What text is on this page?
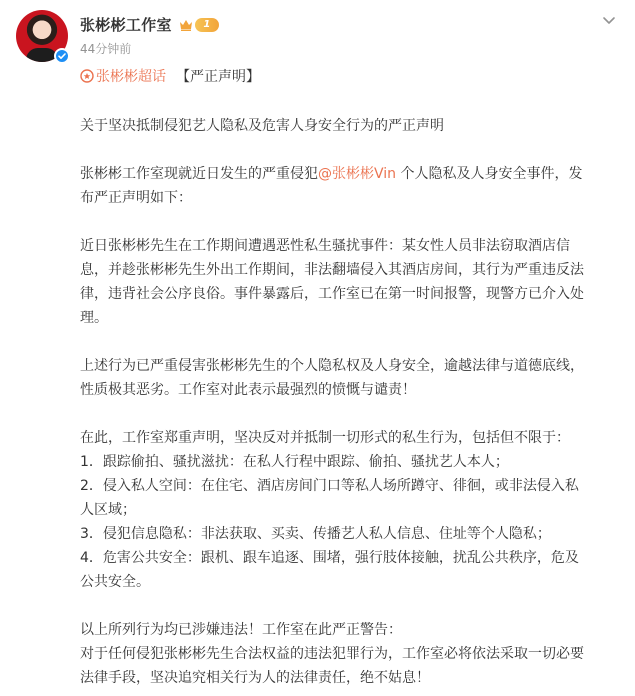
张彬彬工作室	1
44分钟前
张彬彬超话 【严正声明】

关于坚决抵制侵犯艺人隐私及危害人身安全行为的严正声明

张彬彬工作室现就近日发生的严重侵犯@张彬彬Vin 个人隐私及人身安全事件，发

布严正声明如下：

近日张彬彬先生在工作期间遭遇恶性私生骚扰事件：某女性人员非法窃取酒店信

息，并趁张彬彬先生外出工作期间，非法翻墙侵入其酒店房间，其行为严重违反法

律，违背社会公序良俗。事件暴露后，工作室已在第一时间报警，现警方已介入处

理。

上述行为已严重侵害张彬彬先生的个人隐私权及人身安全，逾越法律与道德底线，

性质极其恶劣。工作室对此表示最强烈的愤慨与谴责！

在此，工作室郑重声明，坚决反对并抵制一切形式的私生行为，包括但不限于：

1．跟踪偷拍、骚扰滋扰：在私人行程中跟踪、偷拍、骚扰艺人本人；

2．侵入私人空间：在住宅、酒店房间门口等私人场所蹲守、徘徊，或非法侵入私

人区域；

3．侵犯信息隐私：非法获取、买卖、传播艺人私人信息、住址等个人隐私；

4．危害公共安全：跟机、跟车追逐、围堵，强行肢体接触，扰乱公共秩序，危及

公共安全。

以上所列行为均已涉嫌违法！工作室在此严正警告：

对于任何侵犯张彬彬先生合法权益的违法犯罪行为，工作室必将依法采取一切必要

法律手段，坚决追究相关行为人的法律责任，绝不姑息！
